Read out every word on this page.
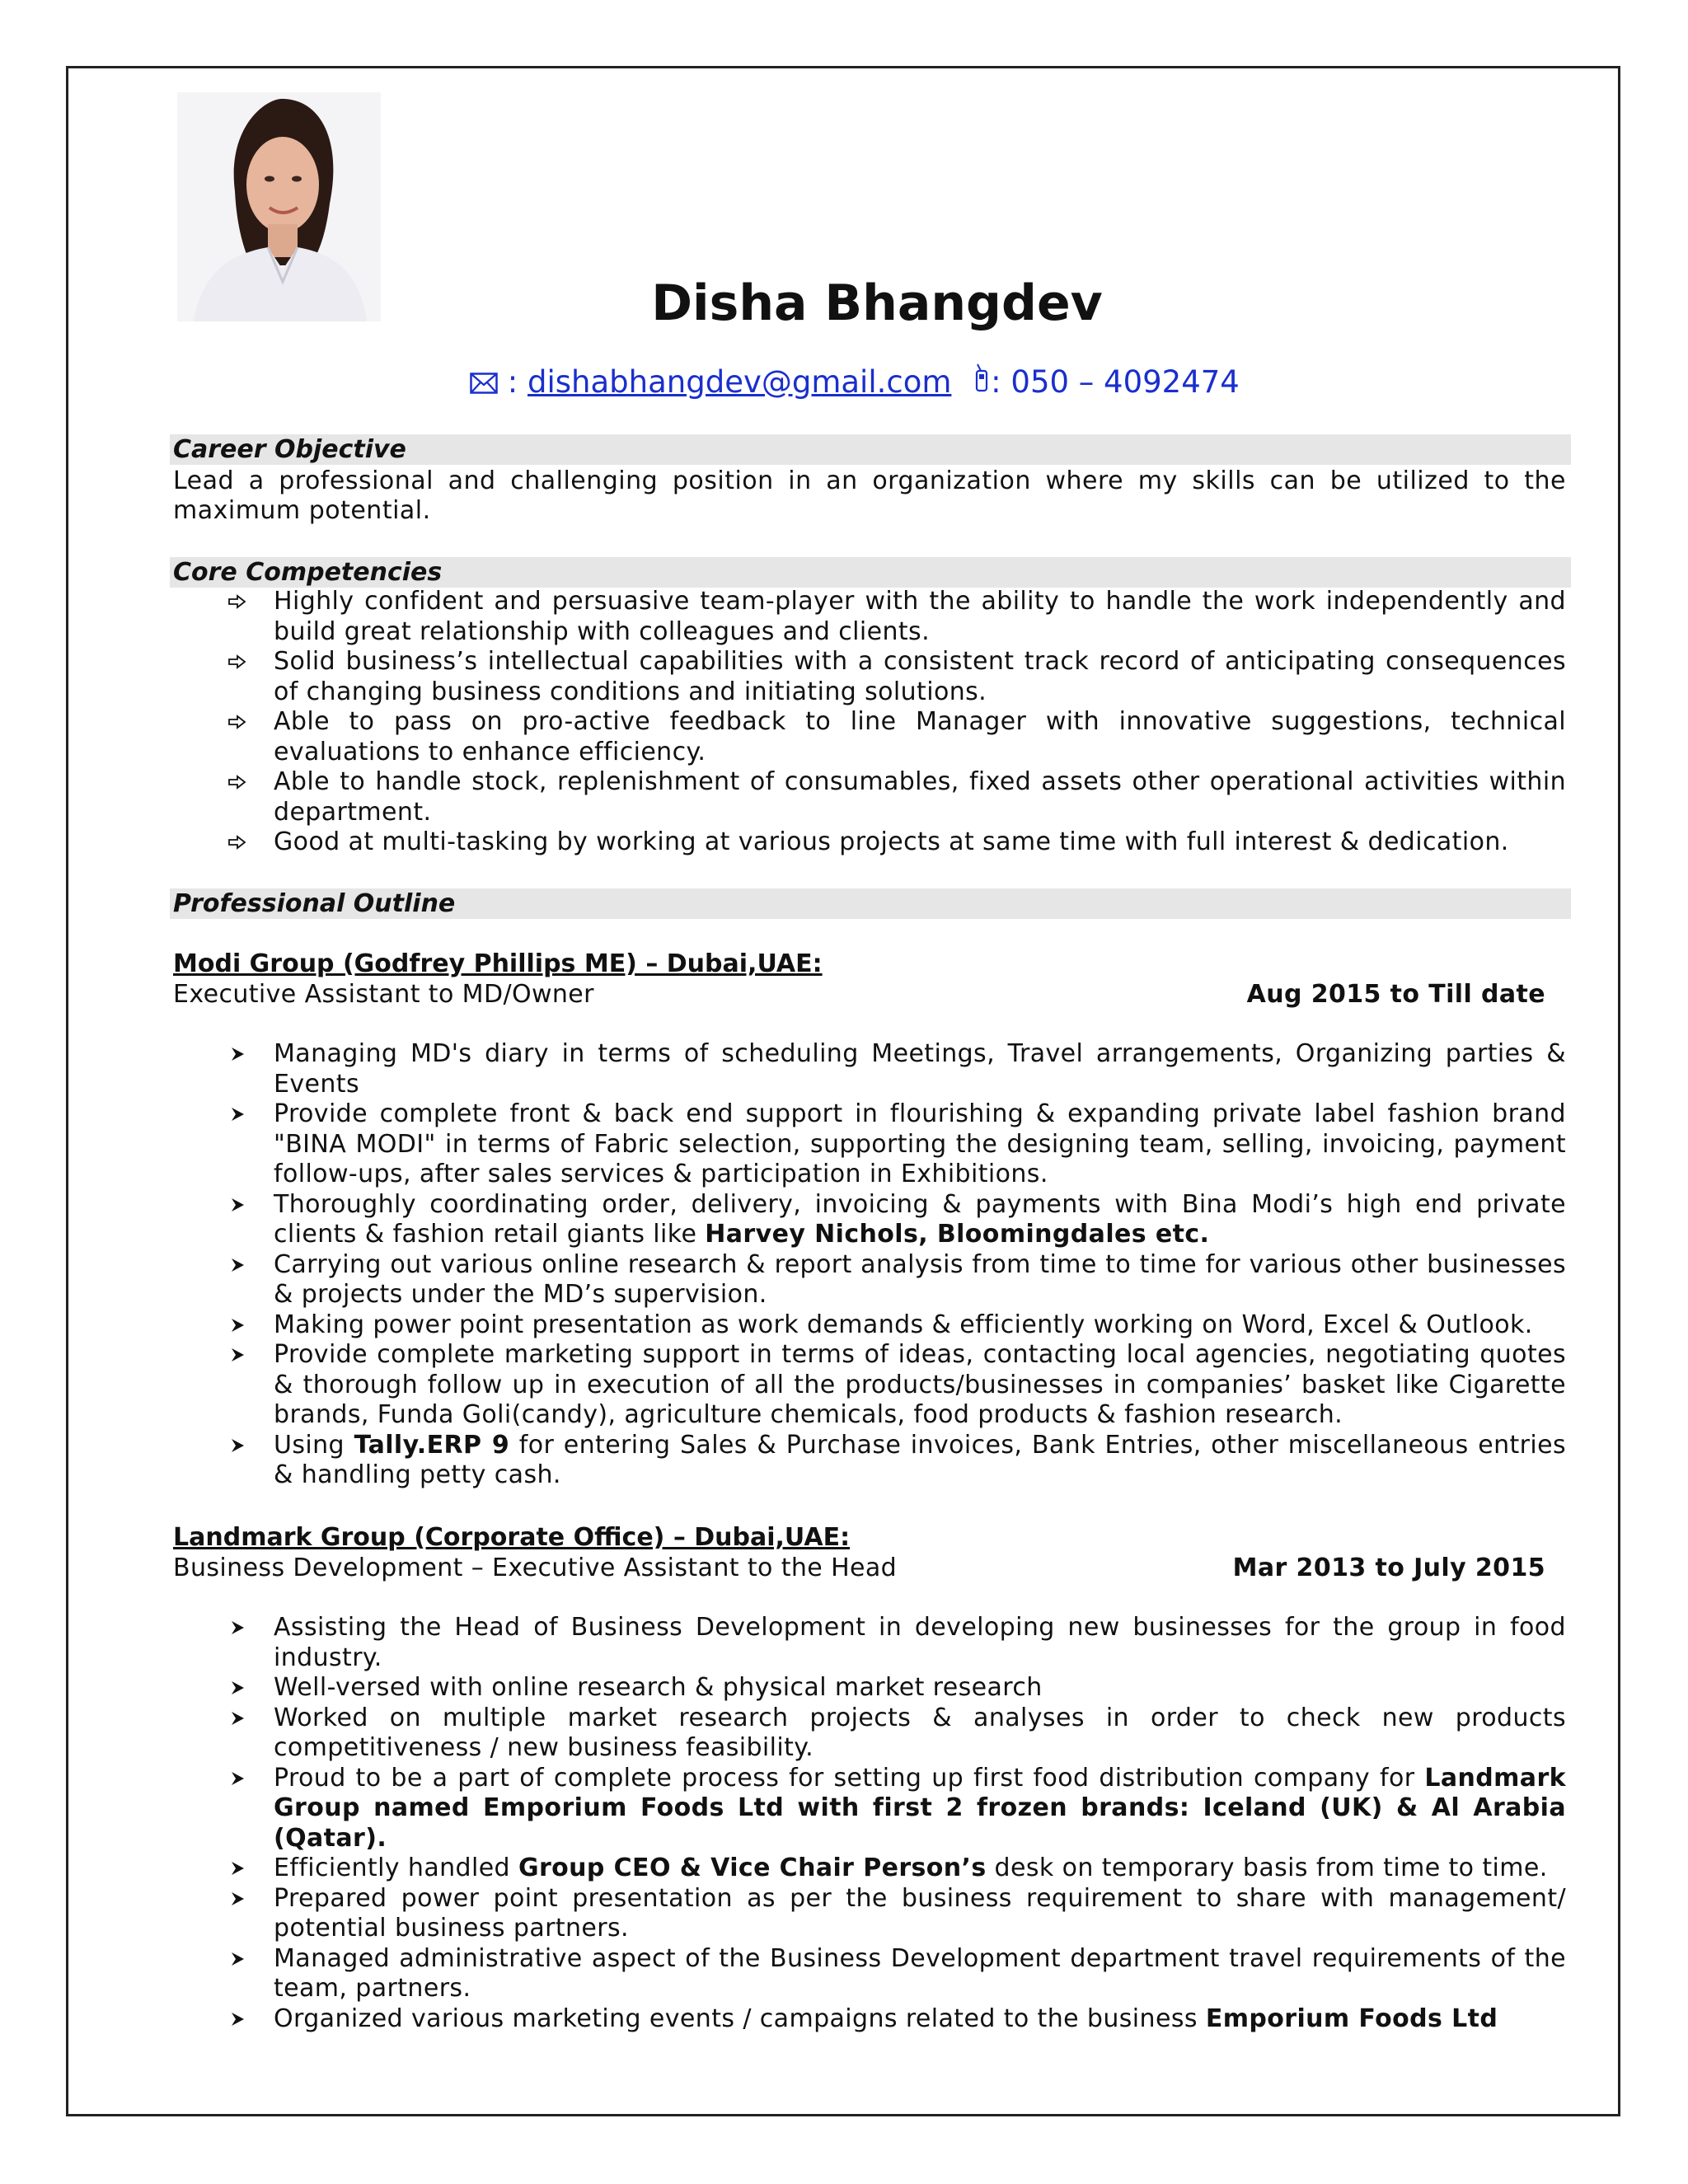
Disha Bhangdev
: dishabhangdev@gmail.com : 050 – 4092474
Career Objective
Lead a professional and challenging position in an organization where my skills can be utilized to the maximum potential.
Core Competencies
Highly confident and persuasive team-player with the ability to handle the work independently and build great relationship with colleagues and clients.
Solid business’s intellectual capabilities with a consistent track record of anticipating consequences of changing business conditions and initiating solutions.
Able to pass on pro-active feedback to line Manager with innovative suggestions, technical evaluations to enhance efficiency.
Able to handle stock, replenishment of consumables, fixed assets other operational activities within department.
Good at multi-tasking by working at various projects at same time with full interest & dedication.
Professional Outline
Modi Group (Godfrey Phillips ME) – Dubai,UAE:
Executive Assistant to MD/Owner	Aug 2015 to Till date
Managing MD's diary in terms of scheduling Meetings, Travel arrangements, Organizing parties & Events
Provide complete front & back end support in flourishing & expanding private label fashion brand "BINA MODI" in terms of Fabric selection, supporting the designing team, selling, invoicing, payment follow-ups, after sales services & participation in Exhibitions.
Thoroughly coordinating order, delivery, invoicing & payments with Bina Modi’s high end private clients & fashion retail giants like Harvey Nichols, Bloomingdales etc.
Carrying out various online research & report analysis from time to time for various other businesses & projects under the MD’s supervision.
Making power point presentation as work demands & efficiently working on Word, Excel & Outlook.
Provide complete marketing support in terms of ideas, contacting local agencies, negotiating quotes & thorough follow up in execution of all the products/businesses in companies’ basket like Cigarette brands, Funda Goli(candy), agriculture chemicals, food products & fashion research.
Using Tally.ERP 9 for entering Sales & Purchase invoices, Bank Entries, other miscellaneous entries & handling petty cash.
Landmark Group (Corporate Office) – Dubai,UAE:
Business Development – Executive Assistant to the Head	Mar 2013 to July 2015
Assisting the Head of Business Development in developing new businesses for the group in food industry.
Well-versed with online research & physical market research
Worked on multiple market research projects & analyses in order to check new products competitiveness / new business feasibility.
Proud to be a part of complete process for setting up first food distribution company for Landmark Group named Emporium Foods Ltd with first 2 frozen brands: Iceland (UK) & Al Arabia (Qatar).
Efficiently handled Group CEO & Vice Chair Person’s desk on temporary basis from time to time.
Prepared power point presentation as per the business requirement to share with management/ potential business partners.
Managed administrative aspect of the Business Development department travel requirements of the team, partners.
Organized various marketing events / campaigns related to the business Emporium Foods Ltd
